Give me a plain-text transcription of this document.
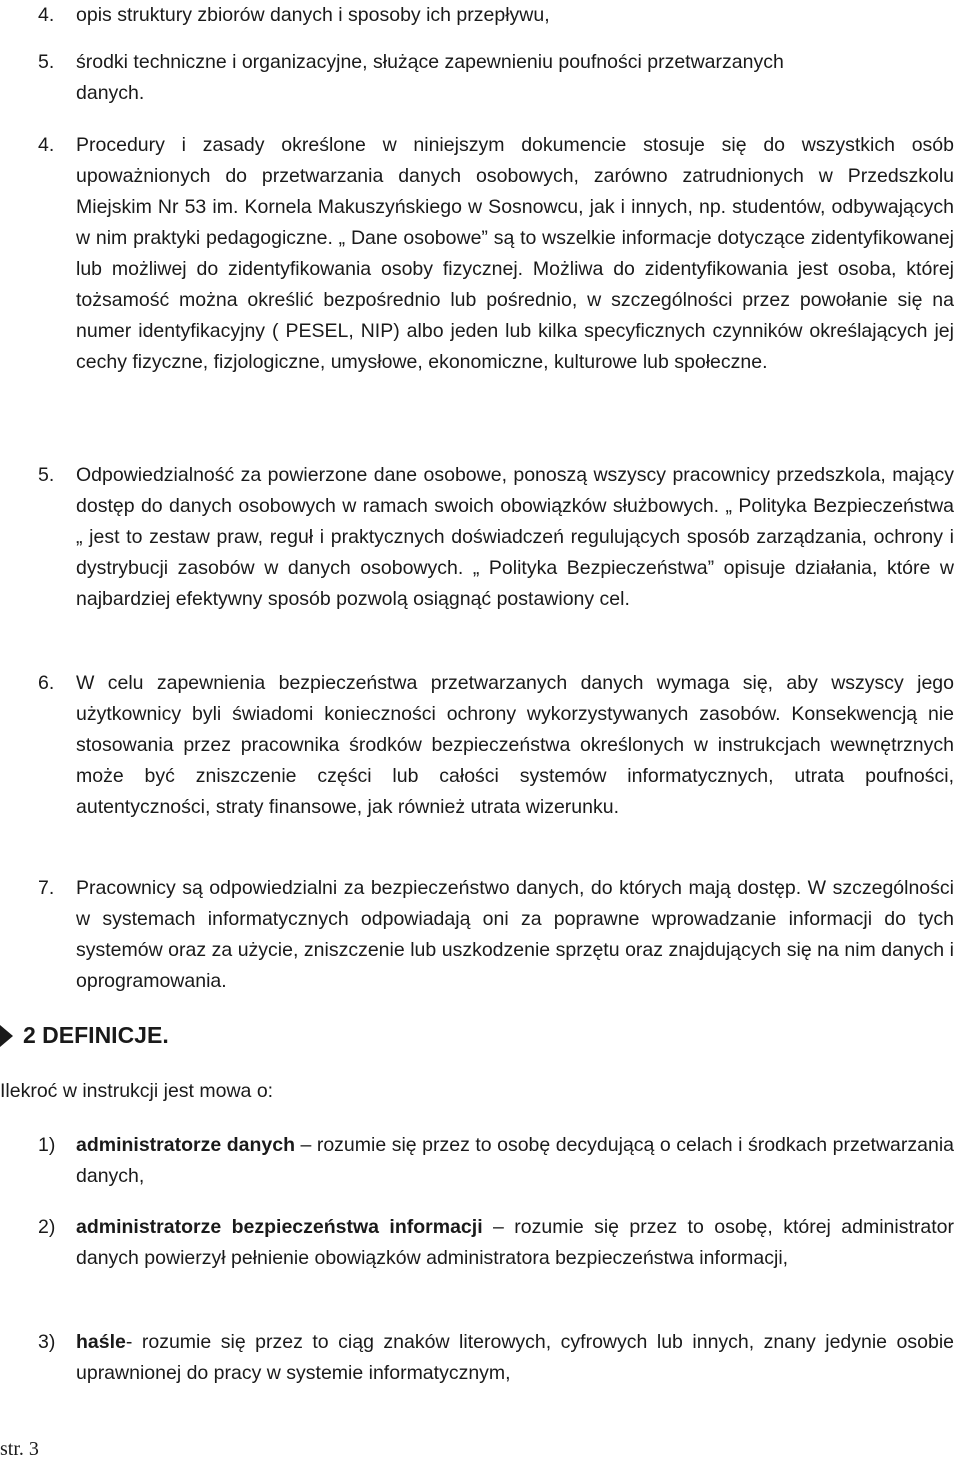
4. opis struktury zbiorów danych i sposoby ich przepływu,
5. środki techniczne i organizacyjne, służące zapewnieniu poufności przetwarzanych
danych.
4. Procedury i zasady określone w niniejszym dokumencie stosuje się do wszystkich osób upoważnionych do przetwarzania danych osobowych, zarówno zatrudnionych w Przedszkolu Miejskim Nr 53 im. Kornela Makuszyńskiego w Sosnowcu, jak i innych, np. studentów, odbywających w nim praktyki pedagogiczne. „ Dane osobowe” są to wszelkie informacje dotyczące zidentyfikowanej lub możliwej do zidentyfikowania osoby fizycznej. Możliwa do zidentyfikowania jest osoba, której tożsamość można określić bezpośrednio lub pośrednio, w szczególności przez powołanie się na numer identyfikacyjny ( PESEL, NIP) albo jeden lub kilka specyficznych czynników określających jej cechy fizyczne, fizjologiczne, umysłowe, ekonomiczne, kulturowe lub społeczne.

5. Odpowiedzialność za powierzone dane osobowe, ponoszą wszyscy pracownicy przedszkola, mający dostęp do danych osobowych w ramach swoich obowiązków służbowych. „ Polityka Bezpieczeństwa „ jest to zestaw praw, reguł i praktycznych doświadczeń regulujących sposób zarządzania, ochrony i dystrybucji zasobów w danych osobowych. „ Polityka Bezpieczeństwa” opisuje działania, które w najbardziej efektywny sposób pozwolą osiągnąć postawiony cel.

6. W celu zapewnienia bezpieczeństwa przetwarzanych danych wymaga się, aby wszyscy jego użytkownicy byli świadomi konieczności ochrony wykorzystywanych zasobów. Konsekwencją nie stosowania przez pracownika środków bezpieczeństwa określonych w instrukcjach wewnętrznych może być zniszczenie części lub całości systemów informatycznych, utrata poufności, autentyczności, straty finansowe, jak również utrata wizerunku.

7. Pracownicy są odpowiedzialni za bezpieczeństwo danych, do których mają dostęp. W szczególności w systemach informatycznych odpowiadają oni za poprawne wprowadzanie informacji do tych systemów oraz za użycie, zniszczenie lub uszkodzenie sprzętu oraz znajdujących się na nim danych i oprogramowania.

2 DEFINICJE.
Ilekroć w instrukcji jest mowa o:
1) administratorze danych – rozumie się przez to osobę decydującą o celach i środkach przetwarzania danych,

2) administratorze bezpieczeństwa informacji – rozumie się przez to osobę, której administrator danych powierzył pełnienie obowiązków administratora bezpieczeństwa informacji,

3) haśle- rozumie się przez to ciąg znaków literowych, cyfrowych lub innych, znany jedynie osobie uprawnionej do pracy w systemie informatycznym,

str. 3
